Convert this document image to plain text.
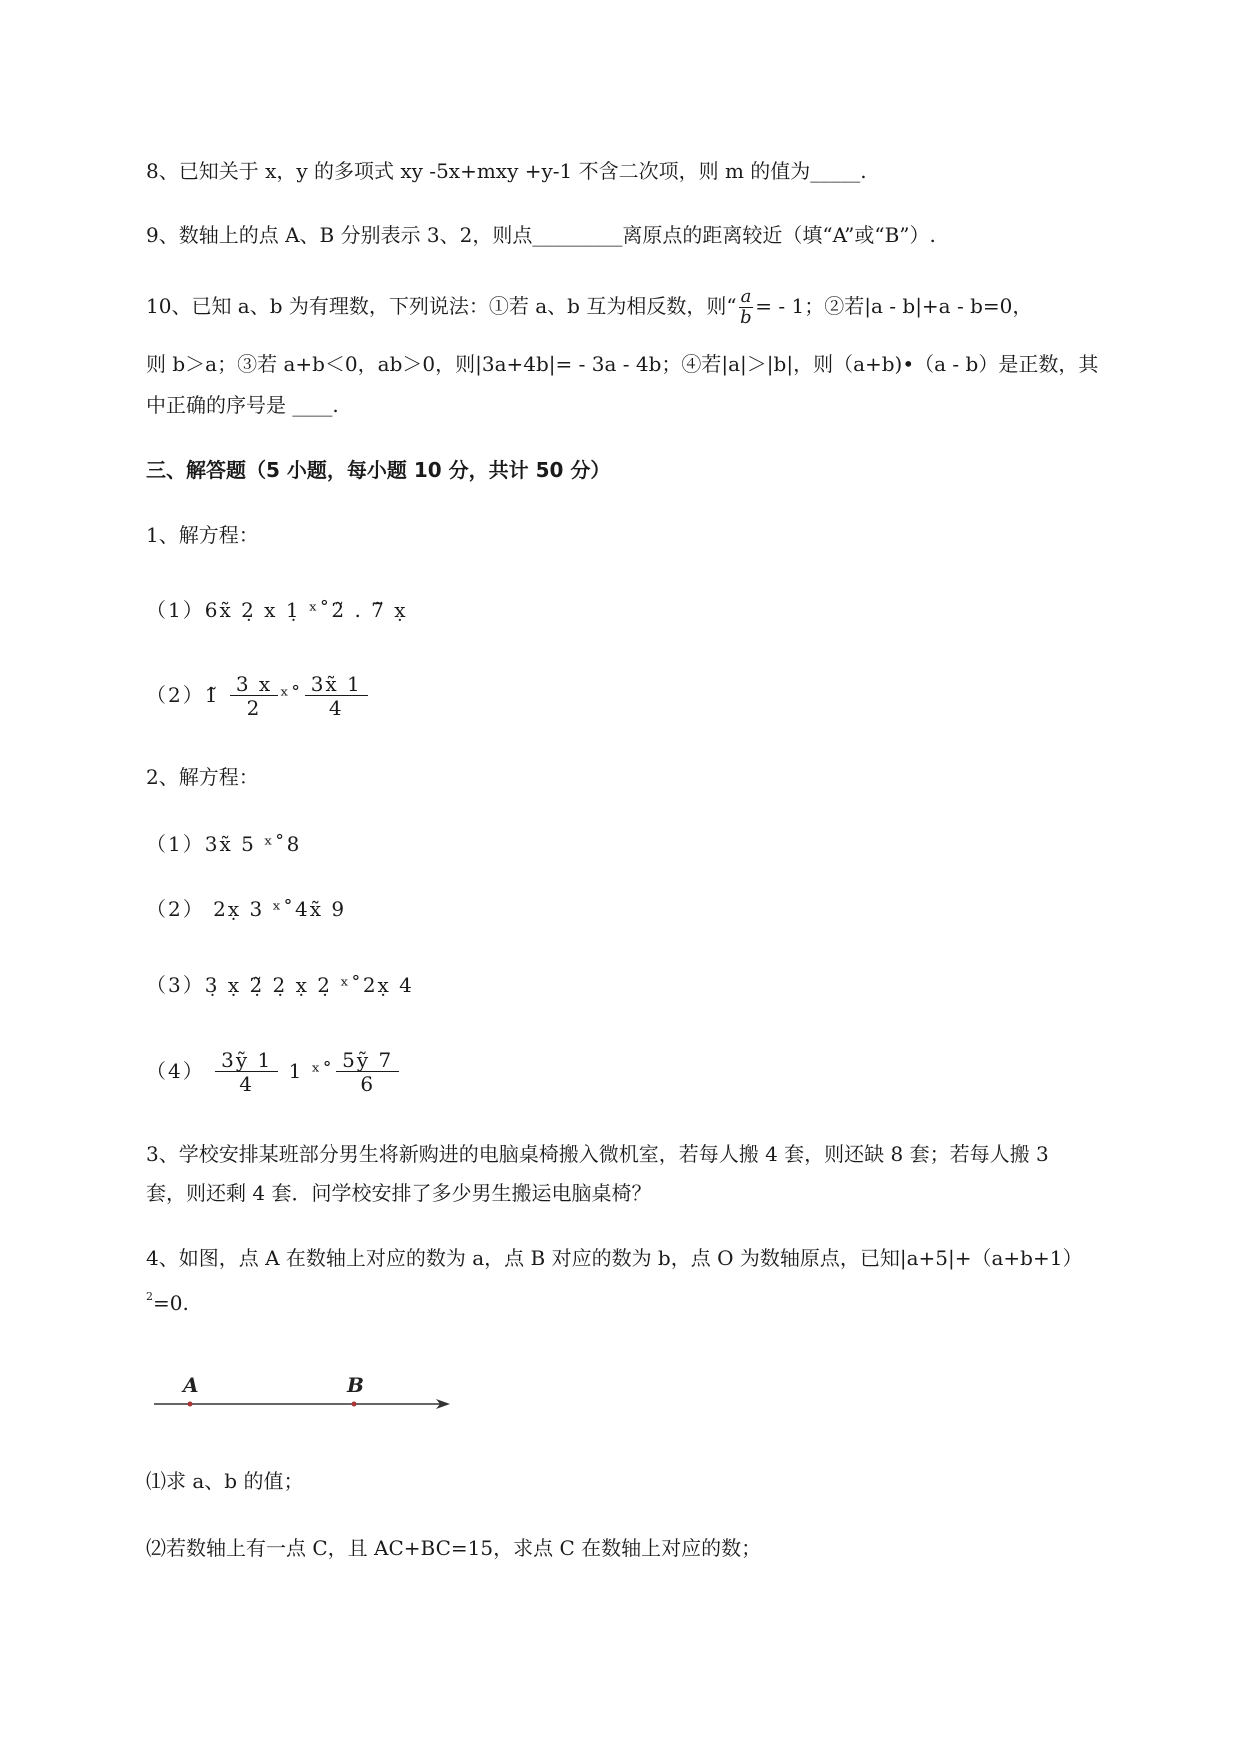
8、已知关于 x，y 的多项式 xy -5x+mxy +y-1 不含二次项，则 m 的值为_____.
9、数轴上的点 A、B 分别表示 3、2，则点_________离原点的距离较近（填“A”或“B”）.
10、已知 a、b 为有理数，下列说法：①若 a、b 互为相反数，则“ $\frac{a}{b}$ = - 1；②若|a - b|+a - b=0，
则 b＞a；③若 a+b＜0，ab＞0，则|3a+4b|= - 3a - 4b；④若|a|＞|b|，则（a+b)•（a - b）是正数，其
中正确的序号是 ____.
三、解答题（5 小题，每小题 10 分，共计 50 分）
1、解方程：
（1）6x̃ 2̣ x 1̣ ˣ˚2̃ . 7̃ x̣
（2）1̃ $\frac{3 x}{2}$ ˣ˚ $\frac{3x̃ 1}{4}$
2、解方程：
（1）3x̃ 5 ˣ˚8
（2） 2x̣ 3 ˣ˚4x̃ 9
（3）3̣ x̣ 2̣̃ 2̣ x̣ 2̣ ˣ˚2x̣ 4
$(4) \frac{\text{3ỹ 1}}{4} 1$ ˣ˚ $\frac{\text{5ỹ 7}}{6}$
3、学校安排某班部分男生将新购进的电脑桌椅搬入微机室，若每人搬 4 套，则还缺 8 套；若每人搬 3
套，则还剩 4 套．问学校安排了多少男生搬运电脑桌椅？
4、如图，点 A 在数轴上对应的数为 a，点 B 对应的数为 b，点 O 为数轴原点，已知|a+5|+（a+b+1）
$^2$=0.
A	B
⑴求 a、b 的值；
⑵若数轴上有一点 C，且 AC+BC=15，求点 C 在数轴上对应的数；
